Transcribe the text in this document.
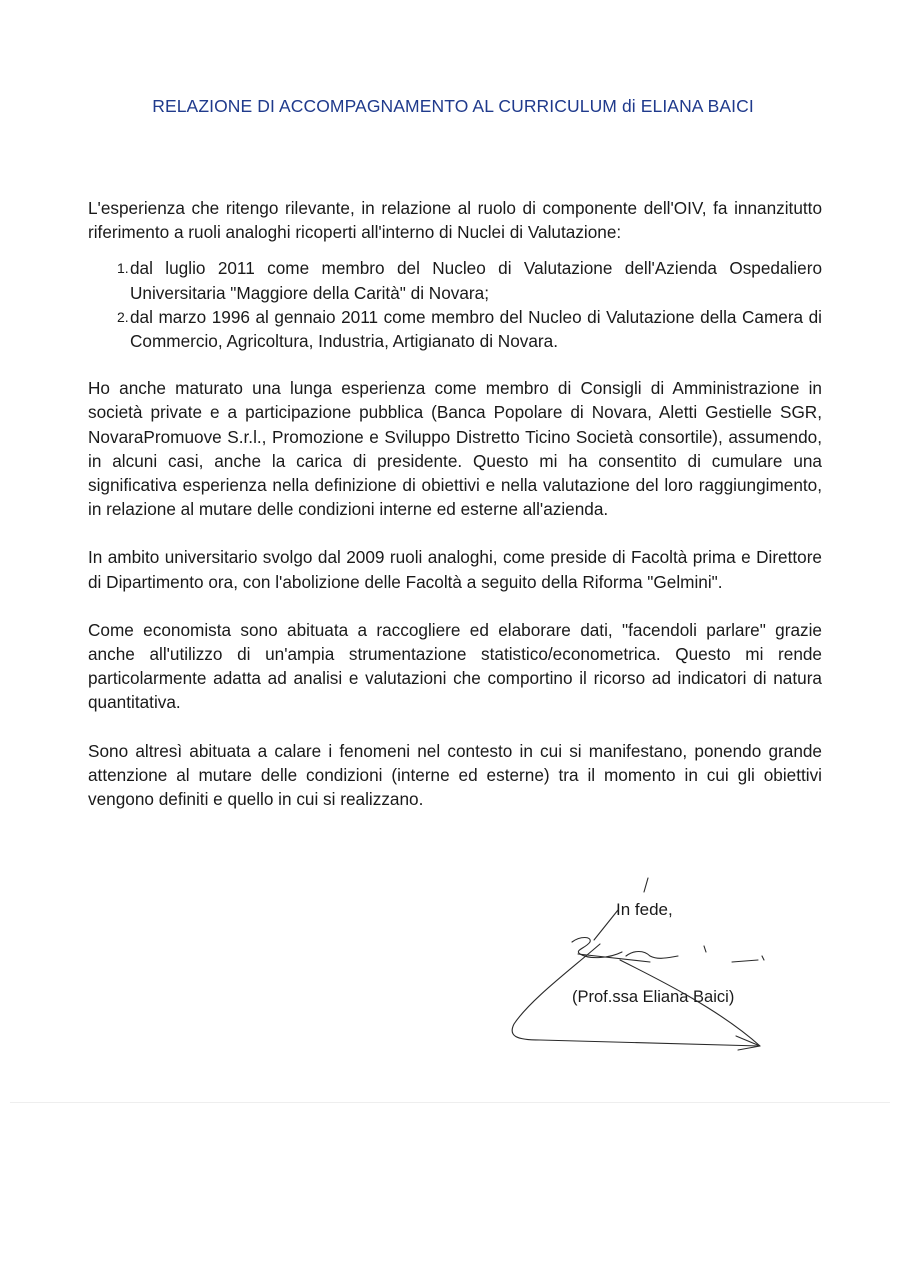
RELAZIONE DI ACCOMPAGNAMENTO AL CURRICULUM di ELIANA BAICI

L'esperienza che ritengo rilevante, in relazione al ruolo di componente dell'OIV, fa innanzitutto riferimento a ruoli analoghi ricoperti all'interno di Nuclei di Valutazione:

1. dal luglio 2011 come membro del Nucleo di Valutazione dell'Azienda Ospedaliero Universitaria "Maggiore della Carità" di Novara;
2. dal marzo 1996 al gennaio 2011 come membro del Nucleo di Valutazione della Camera di Commercio, Agricoltura, Industria, Artigianato di Novara.

Ho anche maturato una lunga esperienza come membro di Consigli di Amministrazione in società private e a participazione pubblica (Banca Popolare di Novara, Aletti Gestielle SGR, NovaraPromuove S.r.l., Promozione e Sviluppo Distretto Ticino Società consortile), assumendo, in alcuni casi, anche la carica di presidente. Questo mi ha consentito di cumulare una significativa esperienza nella definizione di obiettivi e nella valutazione del loro raggiungimento, in relazione al mutare delle condizioni interne ed esterne all'azienda.

In ambito universitario svolgo dal 2009 ruoli analoghi, come preside di Facoltà prima e Direttore di Dipartimento ora, con l'abolizione delle Facoltà a seguito della Riforma "Gelmini".

Come economista sono abituata a raccogliere ed elaborare dati, "facendoli parlare" grazie anche all'utilizzo di un'ampia strumentazione statistico/econometrica. Questo mi rende particolarmente adatta ad analisi e valutazioni che comportino il ricorso ad indicatori di natura quantitativa.

Sono altresì abituata a calare i fenomeni nel contesto in cui si manifestano, ponendo grande attenzione al mutare delle condizioni (interne ed esterne) tra il momento in cui gli obiettivi vengono definiti e quello in cui si realizzano.

In fede,
(Prof.ssa Eliana Baici)
